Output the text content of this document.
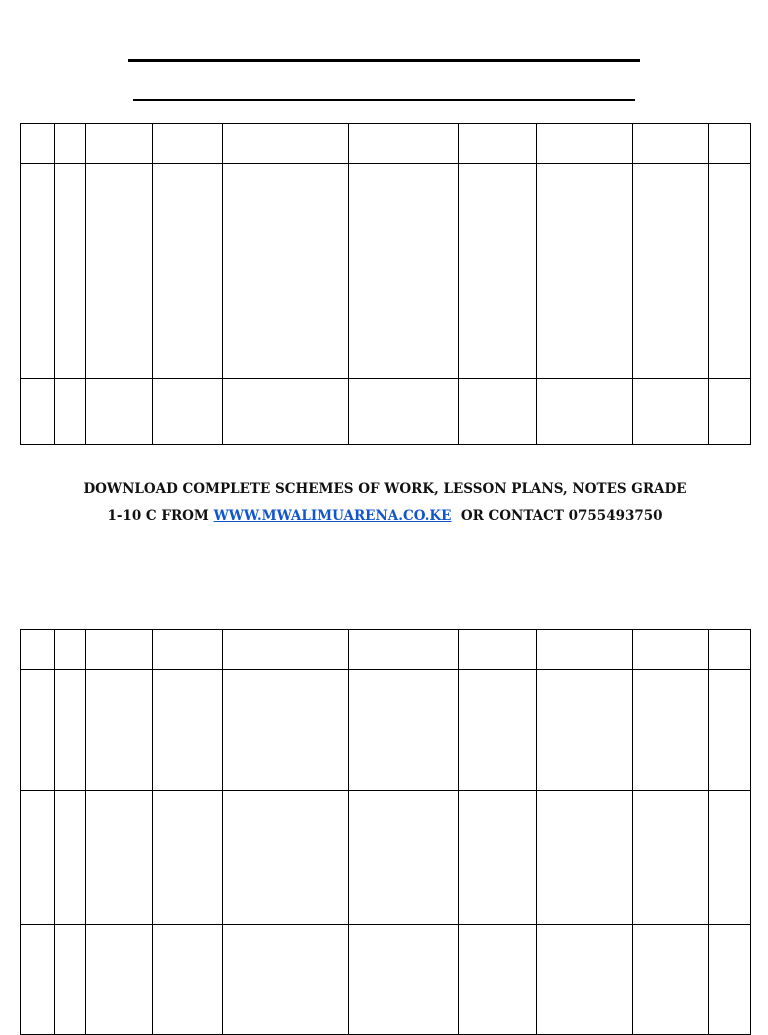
DOWNLOAD COMPLETE SCHEMES OF WORK, LESSON PLANS, NOTES GRADE
1-10 C FROM WWW.MWALIMUARENA.CO.KE  OR CONTACT 0755493750
